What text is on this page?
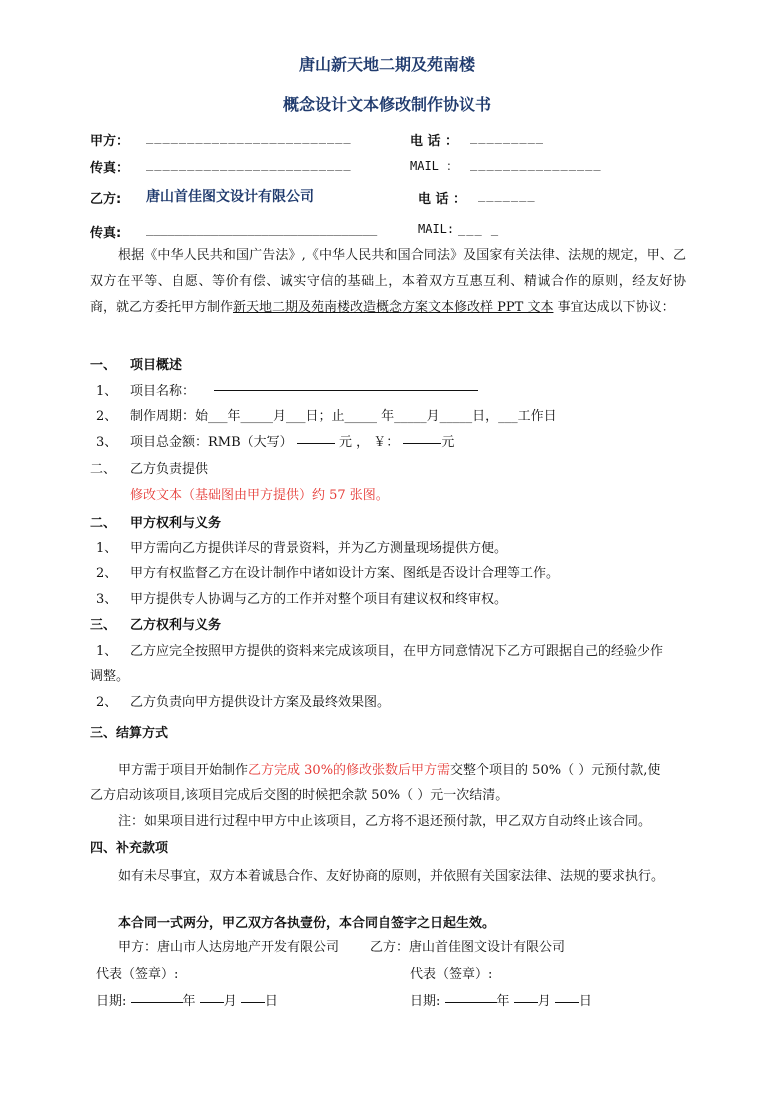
唐山新天地二期及苑南楼
概念设计文本修改制作协议书
甲方： _________________________	电 话 ： _________
传真： _________________________	MAIL ： ________________
乙方: 唐山首佳图文设计有限公司	电 话 ： _______
传真: ________________________________	MAIL: ___ _
根据《中华人民共和国广告法》,《中华人民共和国合同法》及国家有关法律、法规的规定，甲、乙双方在平等、自愿、等价有偿、诚实守信的基础上，本着双方互惠互利、精诚合作的原则，经友好协商，就乙方委托甲方制作新天地二期及苑南楼改造概念方案文本修改样 PPT 文本 事宜达成以下协议：
一、 项目概述
1、 项目名称：
2、 制作周期：始___年_____月___日；止_____ 年_____月_____日，___工作日
3、 项目总金额：RMB（大写）	元 ， ￥：	元
二、 乙方负责提供
修改文本（基础图由甲方提供）约 57 张图。
二、 甲方权利与义务
1、 甲方需向乙方提供详尽的背景资料，并为乙方测量现场提供方便。
2、 甲方有权监督乙方在设计制作中诸如设计方案、图纸是否设计合理等工作。
3、 甲方提供专人协调与乙方的工作并对整个项目有建议权和终审权。
三、 乙方权利与义务
1、 乙方应完全按照甲方提供的资料来完成该项目，在甲方同意情况下乙方可跟据自己的经验少作
调整。
2、 乙方负责向甲方提供设计方案及最终效果图。
三、结算方式
甲方需于项目开始制作乙方完成 30%的修改张数后甲方需交整个项目的 50%（ ）元预付款,使
乙方启动该项目,该项目完成后交图的时候把余款 50%（ ）元一次结清。
注：如果项目进行过程中甲方中止该项目，乙方将不退还预付款，甲乙双方自动终止该合同。
四、补充款项
如有未尽事宜，双方本着诚恳合作、友好协商的原则，并依照有关国家法律、法规的要求执行。
本合同一式两分，甲乙双方各执壹份，本合同自签字之日起生效。
甲方：唐山市人达房地产开发有限公司 乙方：唐山首佳图文设计有限公司
代表（签章）:	代表（签章）:
日期:	年 月 日	日期:	年 月 日
